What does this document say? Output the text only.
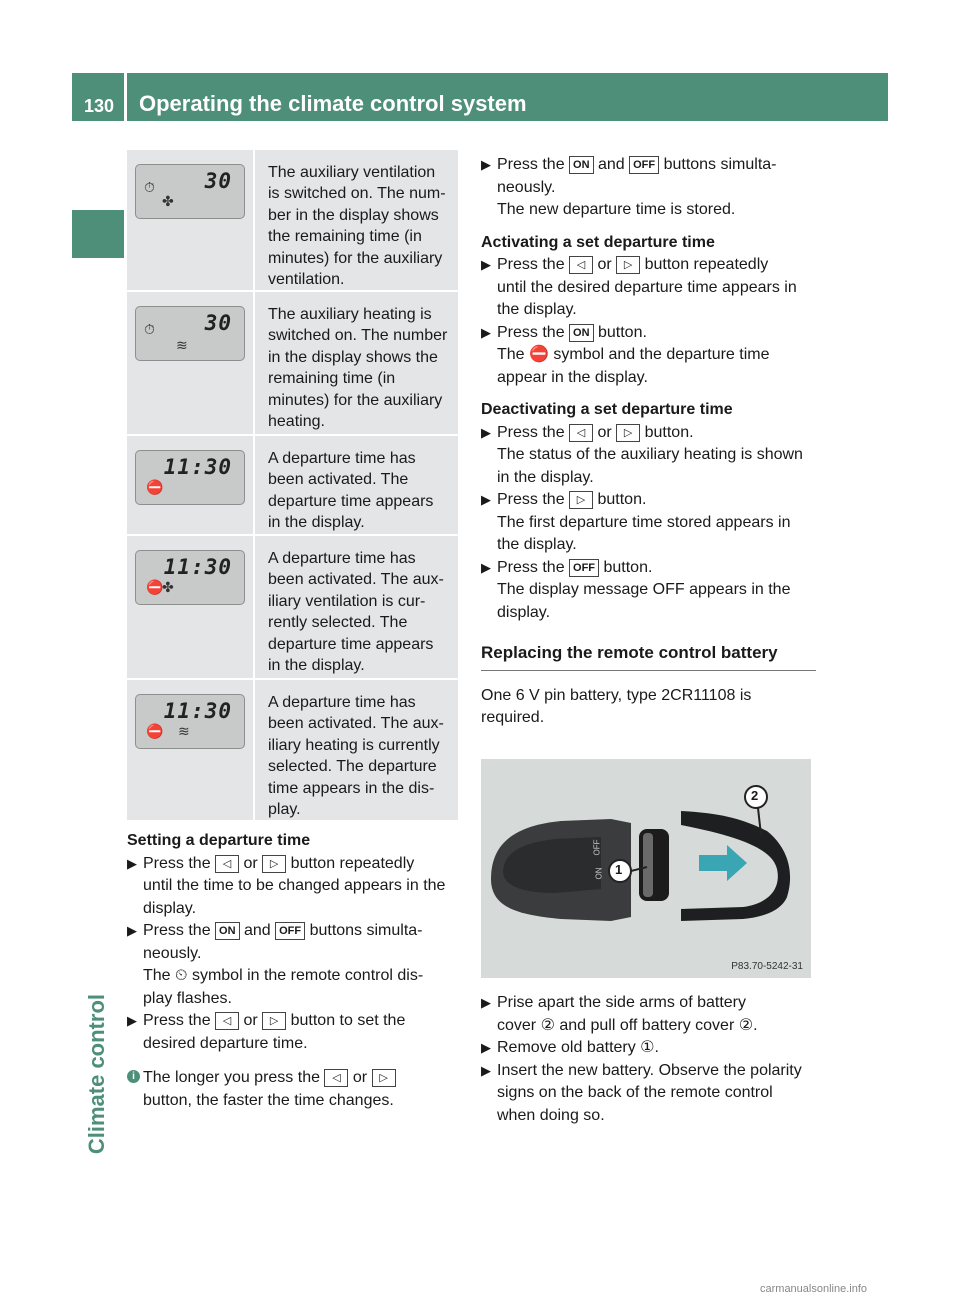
130 Operating the climate control system
Climate control
30
⏱
✤
The auxiliary ventilation
is switched on. The num-
ber in the display shows
the remaining time (in
minutes) for the auxiliary
ventilation.
30
⏱
≋
The auxiliary heating is
switched on. The number
in the display shows the
remaining time (in
minutes) for the auxiliary
heating.
11:30
⛔
A departure time has
been activated. The
departure time appears
in the display.
11:30
⛔
✤
A departure time has
been activated. The aux-
iliary ventilation is cur-
rently selected. The
departure time appears
in the display.
11:30
⛔ ≋
A departure time has
been activated. The aux-
iliary heating is currently
selected. The departure
time appears in the dis-
play.

Setting a departure time

▶ Press the ◁ or ▷ button repeatedly
until the time to be changed appears in the
display.
▶ Press the ON and OFF buttons simulta-
neously.
The ⏲ symbol in the remote control dis-
play flashes.
▶ Press the ◁ or ▷ button to set the
desired departure time.
i The longer you press the ◁ or ▷
button, the faster the time changes.
▶ Press the ON and OFF buttons simulta-
neously.
The new departure time is stored.

Activating a set departure time

▶ Press the ◁ or ▷ button repeatedly
until the desired departure time appears in
the display.
▶ Press the ON button.
The ⛔ symbol and the departure time
appear in the display.

Deactivating a set departure time

▶ Press the ◁ or ▷ button.
The status of the auxiliary heating is shown
in the display.
▶ Press the ▷ button.
The first departure time stored appears in
the display.
▶ Press the OFF button.
The display message OFF appears in the
display.
Replacing the remote control battery
One 6 V pin battery, type 2CR11108 is
required.
2
1
ON
OFF
P83.70-5242-31
▶ Prise apart the side arms of battery
cover ② and pull off battery cover ②.
▶ Remove old battery ①.
▶ Insert the new battery. Observe the polarity
signs on the back of the remote control
when doing so.
carmanualsonline.info
